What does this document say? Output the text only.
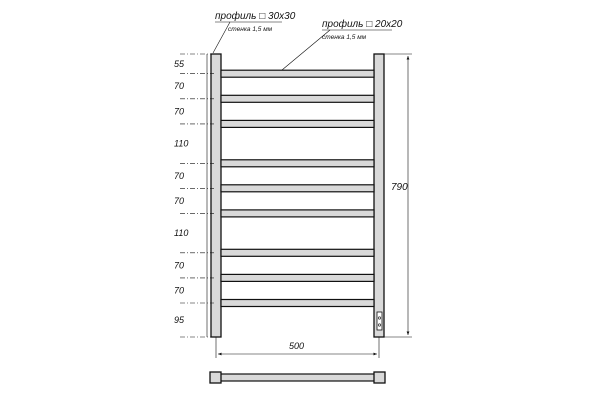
профиль □ 30x30
стенка 1,5 мм	профиль □ 20x20
стенка 1,5 мм
55
70
70
110
70
70
110
70
70
95
790
500
